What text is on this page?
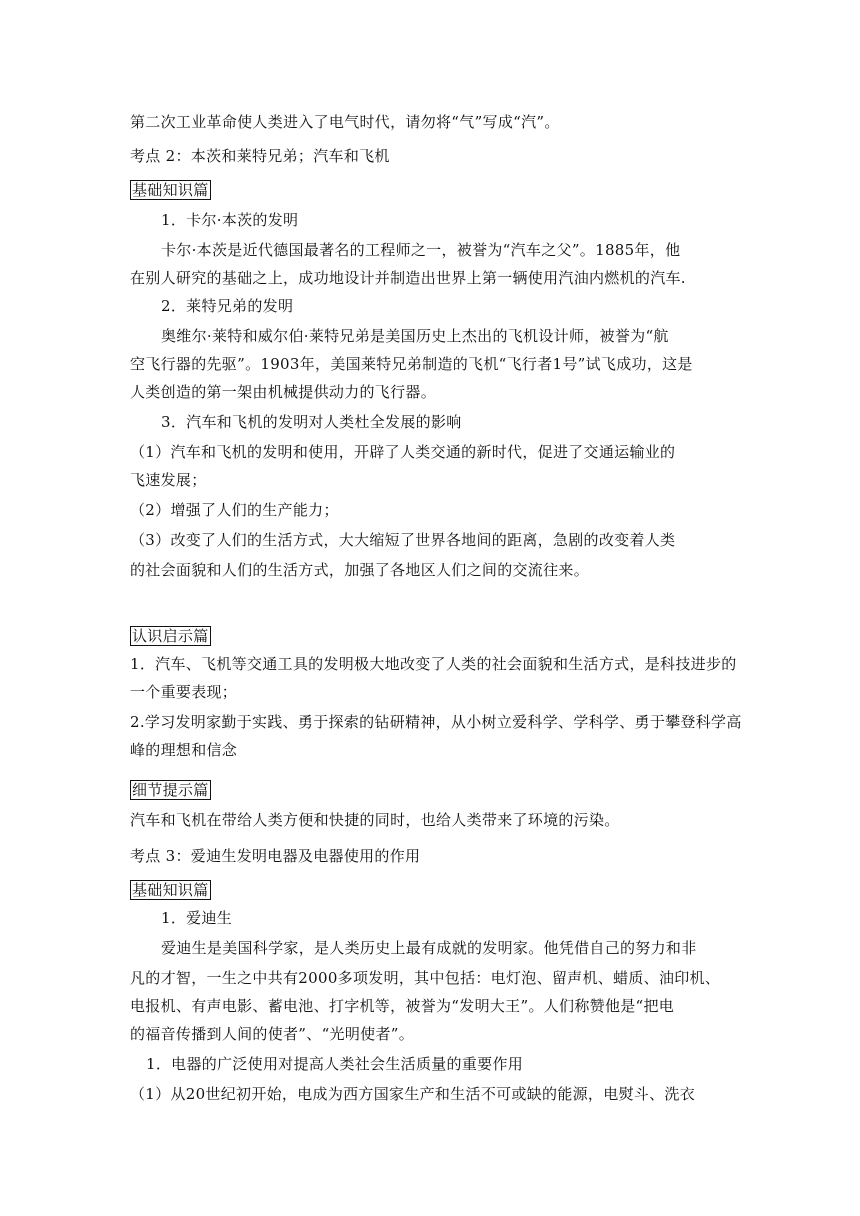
第二次工业革命使人类进入了电气时代，请勿将“气”写成“汽”。
考点 2：本茨和莱特兄弟；汽车和飞机
基础知识篇
1．卡尔·本茨的发明
卡尔·本茨是近代德国最著名的工程师之一，被誉为“汽车之父”。1885年，他
在别人研究的基础之上，成功地设计并制造出世界上第一辆使用汽油内燃机的汽车.
2．莱特兄弟的发明
奥维尔·莱特和威尔伯·莱特兄弟是美国历史上杰出的飞机设计师，被誉为“航
空飞行器的先驱”。1903年，美国莱特兄弟制造的飞机“飞行者1号”试飞成功，这是
人类创造的第一架由机械提供动力的飞行器。
3．汽车和飞机的发明对人类杜全发展的影响
（1）汽车和飞机的发明和使用，开辟了人类交通的新时代，促进了交通运输业的
飞速发展；
（2）增强了人们的生产能力；
（3）改变了人们的生活方式，大大缩短了世界各地间的距离，急剧的改变着人类
的社会面貌和人们的生活方式，加强了各地区人们之间的交流往来。
认识启示篇
1．汽车、飞机等交通工具的发明极大地改变了人类的社会面貌和生活方式，是科技进步的
一个重要表现；
2.学习发明家勤于实践、勇于探索的钻研精神，从小树立爱科学、学科学、勇于攀登科学高
峰的理想和信念
细节提示篇
汽车和飞机在带给人类方便和快捷的同时，也给人类带来了环境的污染。
考点 3：爱迪生发明电器及电器使用的作用
基础知识篇
1．爱迪生
爱迪生是美国科学家，是人类历史上最有成就的发明家。他凭借自己的努力和非
凡的才智，一生之中共有2000多项发明，其中包括：电灯泡、留声机、蜡质、油印机、
电报机、有声电影、蓄电池、打字机等，被誉为“发明大王”。人们称赞他是“把电
的福音传播到人间的使者”、“光明使者”。
1．电器的广泛使用对提高人类社会生活质量的重要作用
（1）从20世纪初开始，电成为西方国家生产和生活不可或缺的能源，电熨斗、洗衣
